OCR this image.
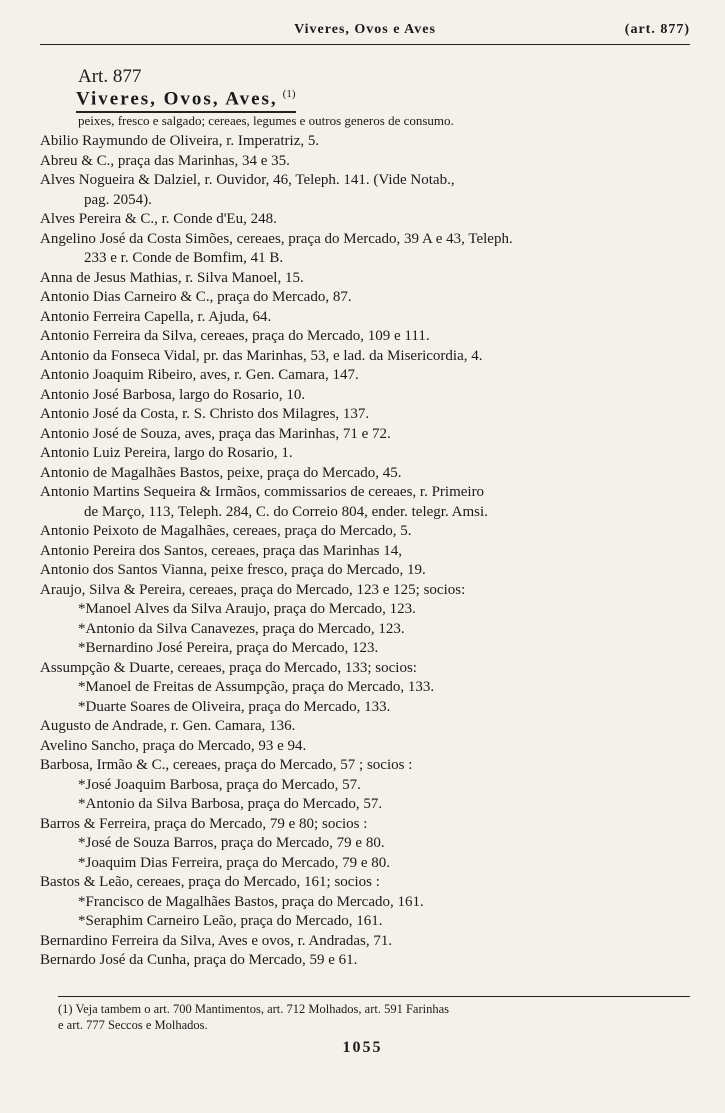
Viveres, Ovos e Aves	(art. 877)
Art. 877
Viveres, Ovos, Aves, $^{(1)}$
peixes, fresco e salgado; cereaes, legumes e outros generos de consumo.
Abilio Raymundo de Oliveira, r. Imperatriz, 5.
Abreu & C., praça das Marinhas, 34 e 35.
Alves Nogueira & Dalziel, r. Ouvidor, 46, Teleph. 141. (Vide Notab.,
pag. 2054).
Alves Pereira & C., r. Conde d'Eu, 248.
Angelino José da Costa Simões, cereaes, praça do Mercado, 39 A e 43, Teleph.
233 e r. Conde de Bomfim, 41 B.
Anna de Jesus Mathias, r. Silva Manoel, 15.
Antonio Dias Carneiro & C., praça do Mercado, 87.
Antonio Ferreira Capella, r. Ajuda, 64.
Antonio Ferreira da Silva, cereaes, praça do Mercado, 109 e 111.
Antonio da Fonseca Vidal, pr. das Marinhas, 53, e lad. da Misericordia, 4.
Antonio Joaquim Ribeiro, aves, r. Gen. Camara, 147.
Antonio José Barbosa, largo do Rosario, 10.
Antonio José da Costa, r. S. Christo dos Milagres, 137.
Antonio José de Souza, aves, praça das Marinhas, 71 e 72.
Antonio Luiz Pereira, largo do Rosario, 1.
Antonio de Magalhães Bastos, peixe, praça do Mercado, 45.
Antonio Martins Sequeira & Irmãos, commissarios de cereaes, r. Primeiro
de Março, 113, Teleph. 284, C. do Correio 804, ender. telegr. Amsi.
Antonio Peixoto de Magalhães, cereaes, praça do Mercado, 5.
Antonio Pereira dos Santos, cereaes, praça das Marinhas 14,
Antonio dos Santos Vianna, peixe fresco, praça do Mercado, 19.
Araujo, Silva & Pereira, cereaes, praça do Mercado, 123 e 125; socios:
*Manoel Alves da Silva Araujo, praça do Mercado, 123.
*Antonio da Silva Canavezes, praça do Mercado, 123.
*Bernardino José Pereira, praça do Mercado, 123.
Assumpção & Duarte, cereaes, praça do Mercado, 133; socios:
*Manoel de Freitas de Assumpção, praça do Mercado, 133.
*Duarte Soares de Oliveira, praça do Mercado, 133.
Augusto de Andrade, r. Gen. Camara, 136.
Avelino Sancho, praça do Mercado, 93 e 94.
Barbosa, Irmão & C., cereaes, praça do Mercado, 57 ; socios :
*José Joaquim Barbosa, praça do Mercado, 57.
*Antonio da Silva Barbosa, praça do Mercado, 57.
Barros & Ferreira, praça do Mercado, 79 e 80; socios :
*José de Souza Barros, praça do Mercado, 79 e 80.
*Joaquim Dias Ferreira, praça do Mercado, 79 e 80.
Bastos & Leão, cereaes, praça do Mercado, 161; socios :
*Francisco de Magalhães Bastos, praça do Mercado, 161.
*Seraphim Carneiro Leão, praça do Mercado, 161.
Bernardino Ferreira da Silva, Aves e ovos, r. Andradas, 71.
Bernardo José da Cunha, praça do Mercado, 59 e 61.
(1) Veja tambem o art. 700 Mantimentos, art. 712 Molhados, art. 591 Farinhas
e art. 777 Seccos e Molhados.
1055
